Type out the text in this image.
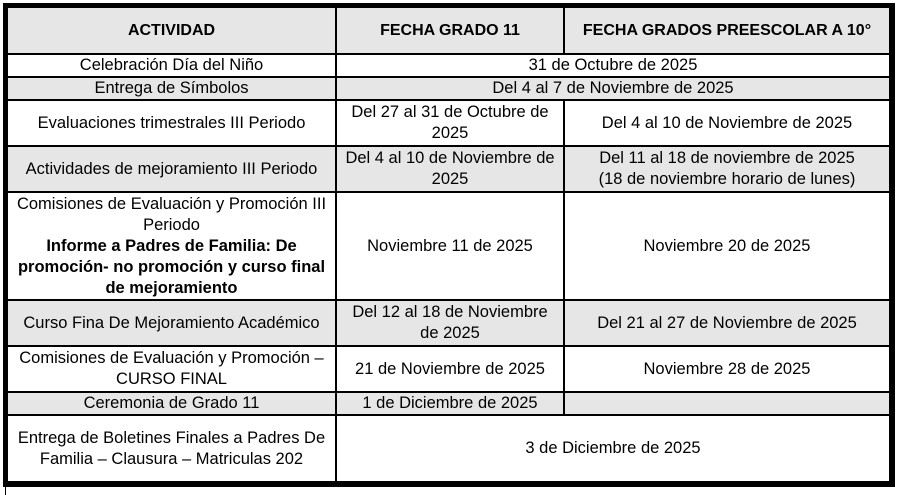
ACTIVIDAD	FECHA GRADO 11	FECHA GRADOS PREESCOLAR A 10°
Celebración Día del Niño	31 de Octubre de 2025	
Entrega de Símbolos	Del 4 al 7 de Noviembre de 2025	
Evaluaciones trimestrales III Periodo	Del 27 al 31 de Octubre de 2025	Del 4 al 10 de Noviembre de 2025
Actividades de mejoramiento III Periodo	Del 4 al 10 de Noviembre de 2025	Del 11 al 18 de noviembre de 2025
(18 de noviembre horario de lunes)

Comisiones de Evaluación y Promoción III Periodo
Informe a Padres de Familia: De promoción- no promoción y curso final de mejoramiento	Noviembre 11 de 2025	Noviembre 20 de 2025
Curso Fina De Mejoramiento Académico	Del 12 al 18 de Noviembre de 2025	Del 21 al 27 de Noviembre de 2025
Comisiones de Evaluación y Promoción – CURSO FINAL	21 de Noviembre de 2025	Noviembre 28 de 2025
Ceremonia de Grado 11	1 de Diciembre de 2025	
Entrega de Boletines Finales a Padres De Familia – Clausura – Matriculas 202	3 de Diciembre de 2025	
